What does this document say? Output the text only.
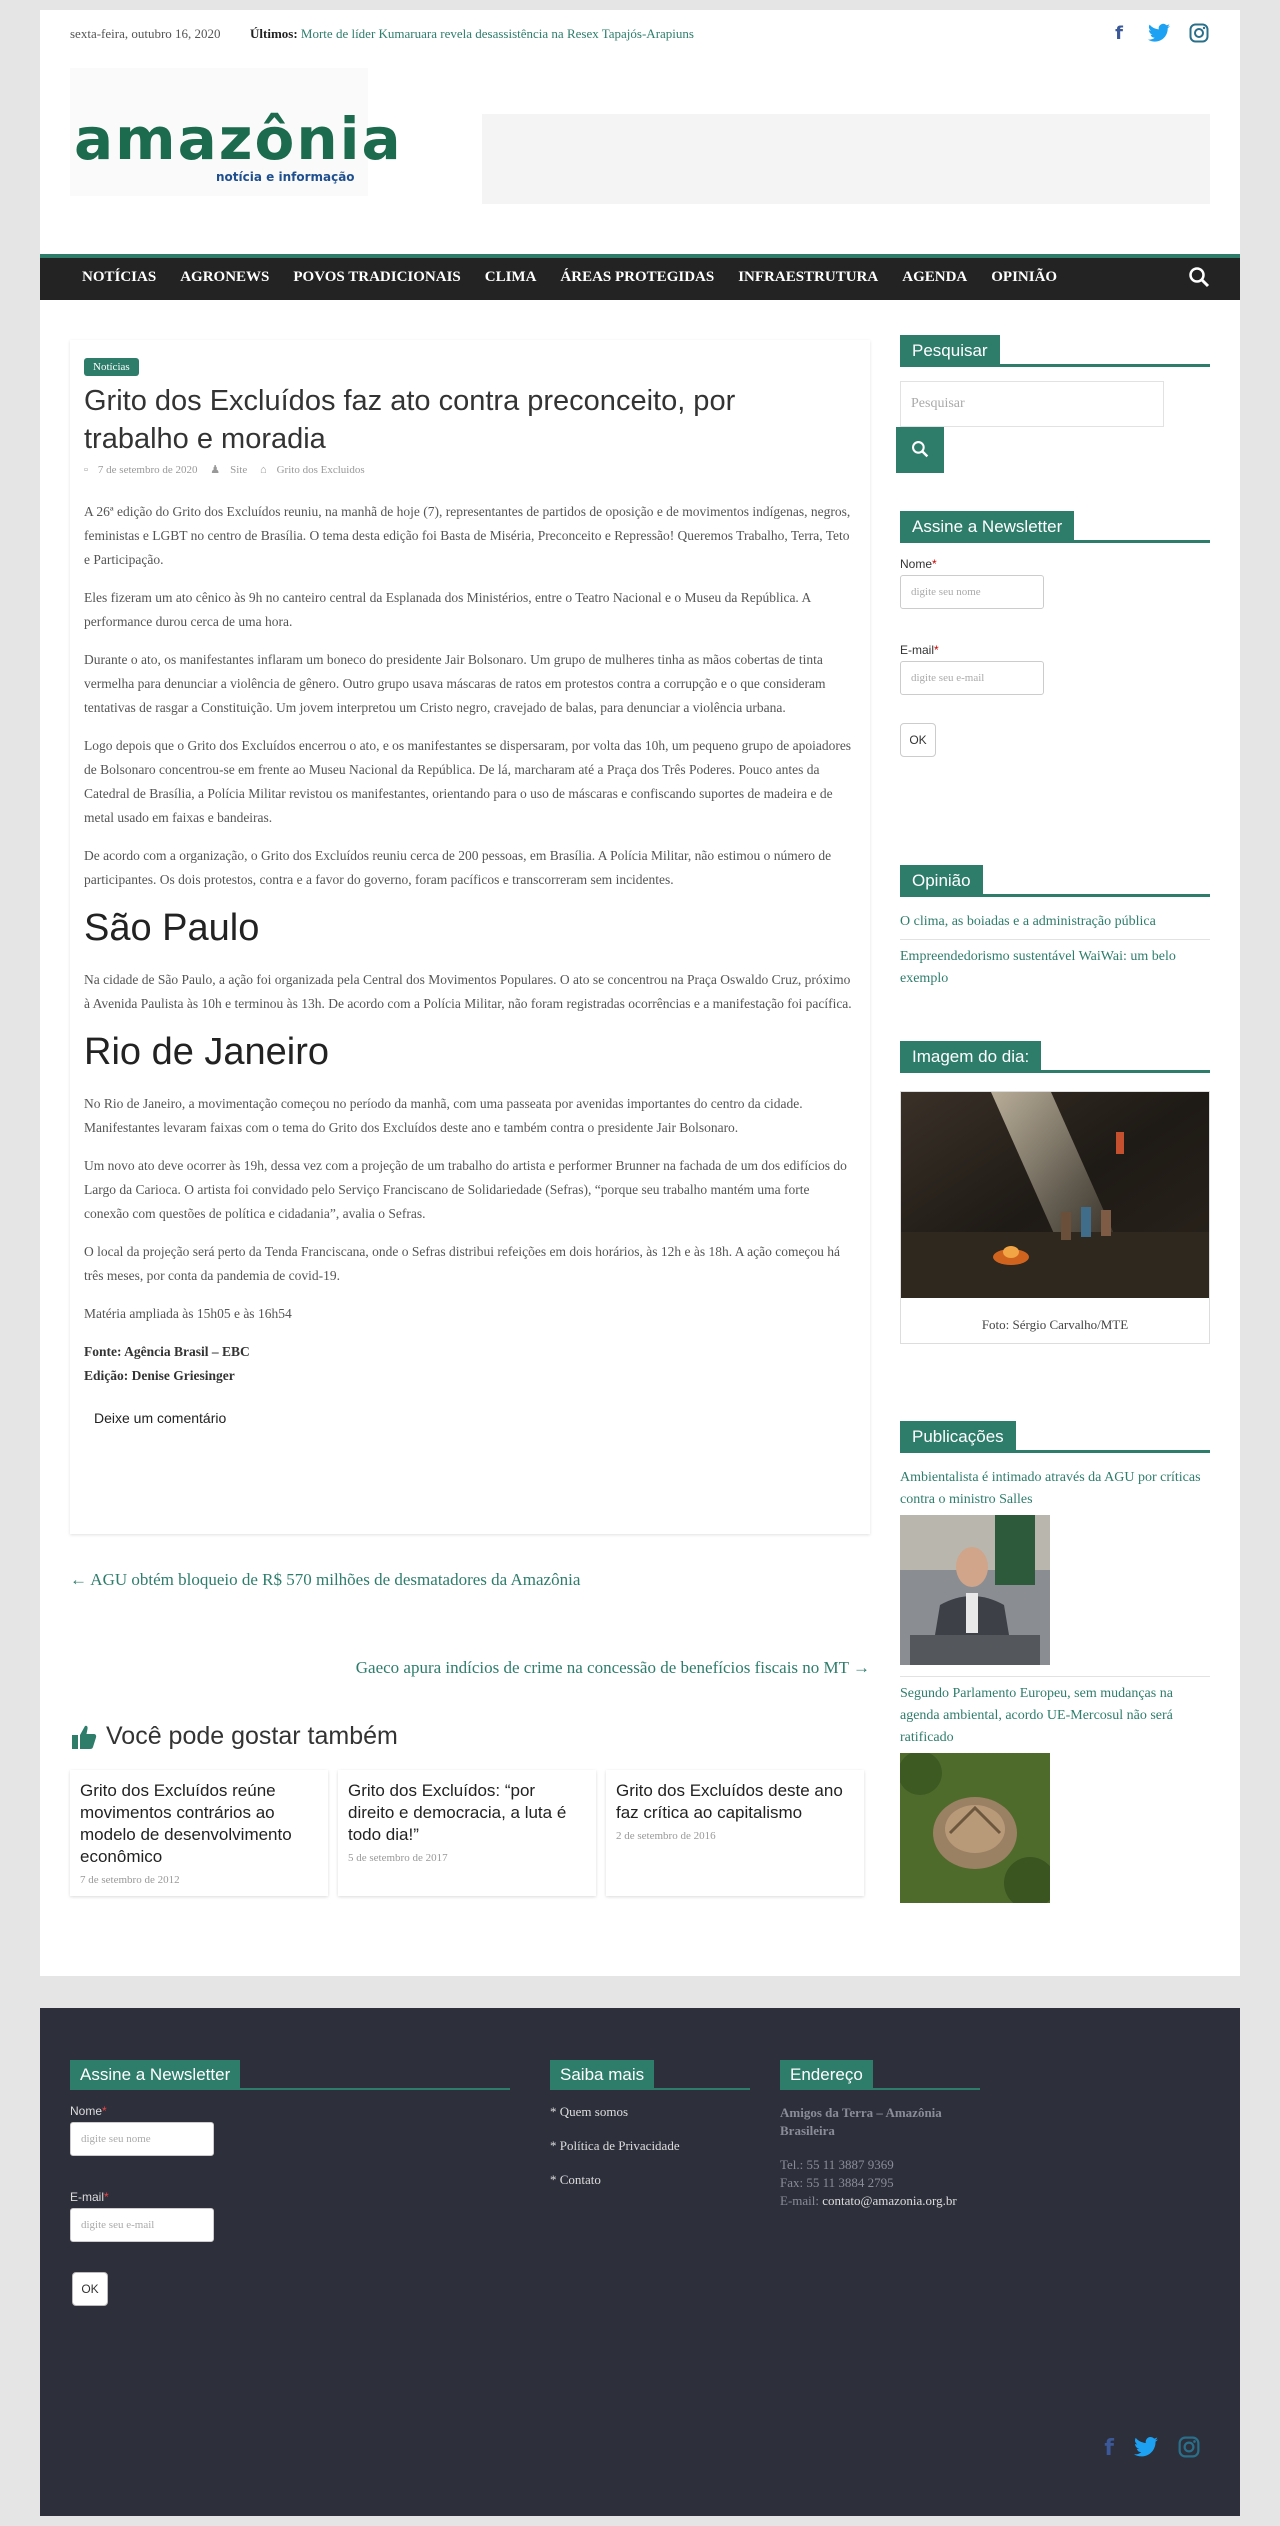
sexta-feira, outubro 16, 2020 Últimos: Morte de líder Kumaruara revela desassistência na Resex Tapajós-Arapiuns	f
amazônia
notícia e informação
NOTÍCIAS	AGRONEWS	POVOS TRADICIONAIS	CLIMA	ÁREAS PROTEGIDAS	INFRAESTRUTURA	AGENDA	OPINIÃO
Notícias
Grito dos Excluídos faz ato contra preconceito, por trabalho e moradia
▫ 7 de setembro de 2020 ♟ Site ⌂ Grito dos Excluidos

A 26ª edição do Grito dos Excluídos reuniu, na manhã de hoje (7), representantes de partidos de oposição e de movimentos indígenas, negros, feministas e LGBT no centro de Brasília. O tema desta edição foi Basta de Miséria, Preconceito e Repressão! Queremos Trabalho, Terra, Teto e Participação.

Eles fizeram um ato cênico às 9h no canteiro central da Esplanada dos Ministérios, entre o Teatro Nacional e o Museu da República. A performance durou cerca de uma hora.

Durante o ato, os manifestantes inflaram um boneco do presidente Jair Bolsonaro. Um grupo de mulheres tinha as mãos cobertas de tinta vermelha para denunciar a violência de gênero. Outro grupo usava máscaras de ratos em protestos contra a corrupção e o que consideram tentativas de rasgar a Constituição. Um jovem interpretou um Cristo negro, cravejado de balas, para denunciar a violência urbana.

Logo depois que o Grito dos Excluídos encerrou o ato, e os manifestantes se dispersaram, por volta das 10h, um pequeno grupo de apoiadores de Bolsonaro concentrou-se em frente ao Museu Nacional da República. De lá, marcharam até a Praça dos Três Poderes. Pouco antes da Catedral de Brasília, a Polícia Militar revistou os manifestantes, orientando para o uso de máscaras e confiscando suportes de madeira e de metal usado em faixas e bandeiras.

De acordo com a organização, o Grito dos Excluídos reuniu cerca de 200 pessoas, em Brasília. A Polícia Militar, não estimou o número de participantes. Os dois protestos, contra e a favor do governo, foram pacíficos e transcorreram sem incidentes.

São Paulo

Na cidade de São Paulo, a ação foi organizada pela Central dos Movimentos Populares. O ato se concentrou na Praça Oswaldo Cruz, próximo à Avenida Paulista às 10h e terminou às 13h. De acordo com a Polícia Militar, não foram registradas ocorrências e a manifestação foi pacífica.

Rio de Janeiro

No Rio de Janeiro, a movimentação começou no período da manhã, com uma passeata por avenidas importantes do centro da cidade. Manifestantes levaram faixas com o tema do Grito dos Excluídos deste ano e também contra o presidente Jair Bolsonaro.

Um novo ato deve ocorrer às 19h, dessa vez com a projeção de um trabalho do artista e performer Brunner na fachada de um dos edifícios do Largo da Carioca. O artista foi convidado pelo Serviço Franciscano de Solidariedade (Sefras), “porque seu trabalho mantém uma forte conexão com questões de política e cidadania”, avalia o Sefras.

O local da projeção será perto da Tenda Franciscana, onde o Sefras distribui refeições em dois horários, às 12h e às 18h. A ação começou há três meses, por conta da pandemia de covid-19.

Matéria ampliada às 15h05 e às 16h54

Fonte: Agência Brasil – EBC

Edição: Denise Griesinger

Deixe um comentário
← AGU obtém bloqueio de R$ 570 milhões de desmatadores da Amazônia
Gaeco apura indícios de crime na concessão de benefícios fiscais no MT →
Você pode gostar também
Grito dos Excluídos reúne movimentos contrários ao modelo de desenvolvimento econômico
7 de setembro de 2012
Grito dos Excluídos: “por direito e democracia, a luta é todo dia!”
5 de setembro de 2017
Grito dos Excluídos deste ano faz crítica ao capitalismo
2 de setembro de 2016
Pesquisar
Pesquisar
Assine a Newsletter
Nome*
digite seu nome
E-mail*
digite seu e-mail
OK
Opinião
O clima, as boiadas e a administração pública
Empreendedorismo sustentável WaiWai: um belo exemplo
Imagem do dia:
Foto: Sérgio Carvalho/MTE
Publicações
Ambientalista é intimado através da AGU por críticas contra o ministro Salles
Segundo Parlamento Europeu, sem mudanças na agenda ambiental, acordo UE-Mercosul não será ratificado
Assine a Newsletter
Nome*
digite seu nome
E-mail*
digite seu e-mail
OK
Saiba mais
* Quem somos
* Política de Privacidade
* Contato
Endereço
Amigos da Terra – Amazônia Brasileira
Tel.: 55 11 3887 9369
Fax: 55 11 3884 2795
E-mail: contato@amazonia.org.br
f
